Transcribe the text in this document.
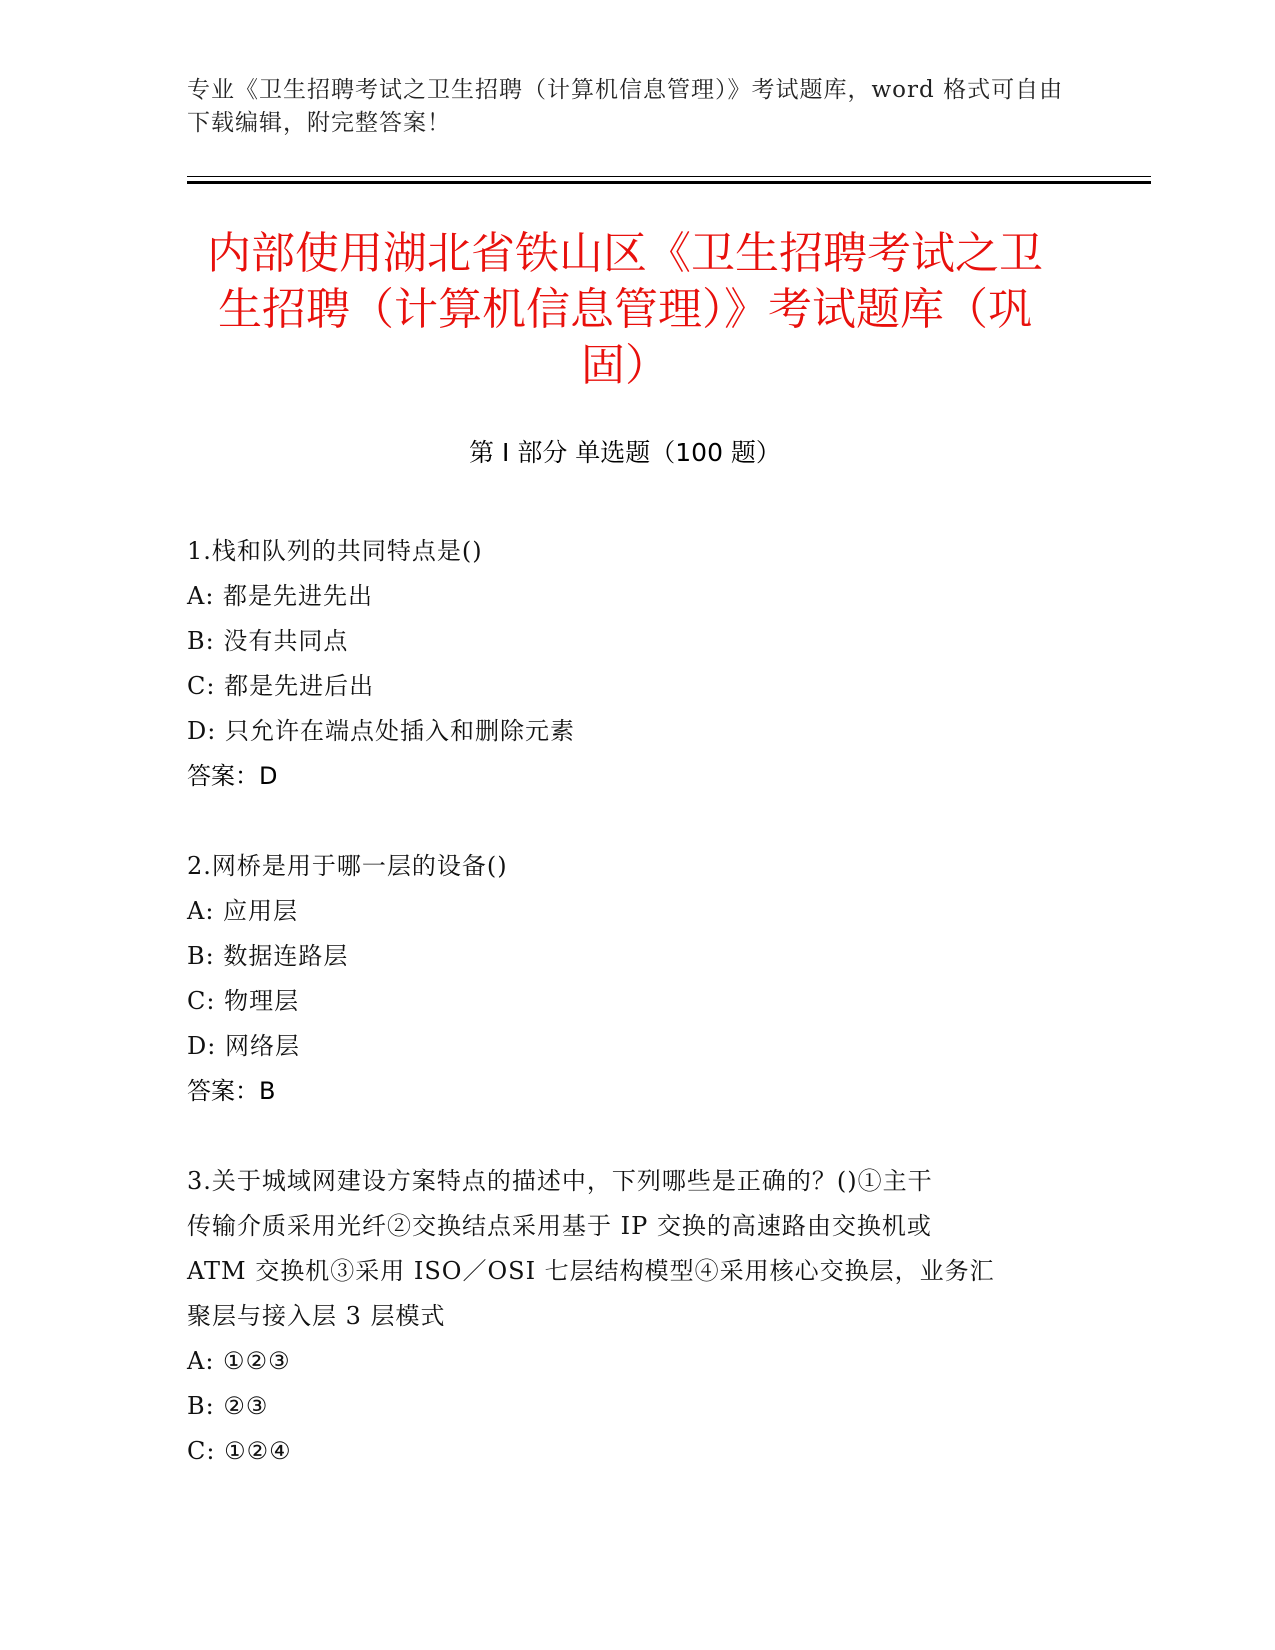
专业《卫生招聘考试之卫生招聘（计算机信息管理）》考试题库，word 格式可自由下载编辑，附完整答案！
内部使用湖北省铁山区《卫生招聘考试之卫生招聘（计算机信息管理）》考试题库（巩固）
第 I 部分 单选题（100 题）
1.栈和队列的共同特点是()
A: 都是先进先出
B: 没有共同点
C: 都是先进后出
D: 只允许在端点处插入和删除元素
答案：D
2.网桥是用于哪一层的设备()
A: 应用层
B: 数据连路层
C: 物理层
D: 网络层
答案：B
3.关于城域网建设方案特点的描述中，下列哪些是正确的？()①主干
传输介质采用光纤②交换结点采用基于 IP 交换的高速路由交换机或
ATM 交换机③采用 ISO／OSI 七层结构模型④采用核心交换层，业务汇
聚层与接入层 3 层模式
A: ①②③
B: ②③
C: ①②④
